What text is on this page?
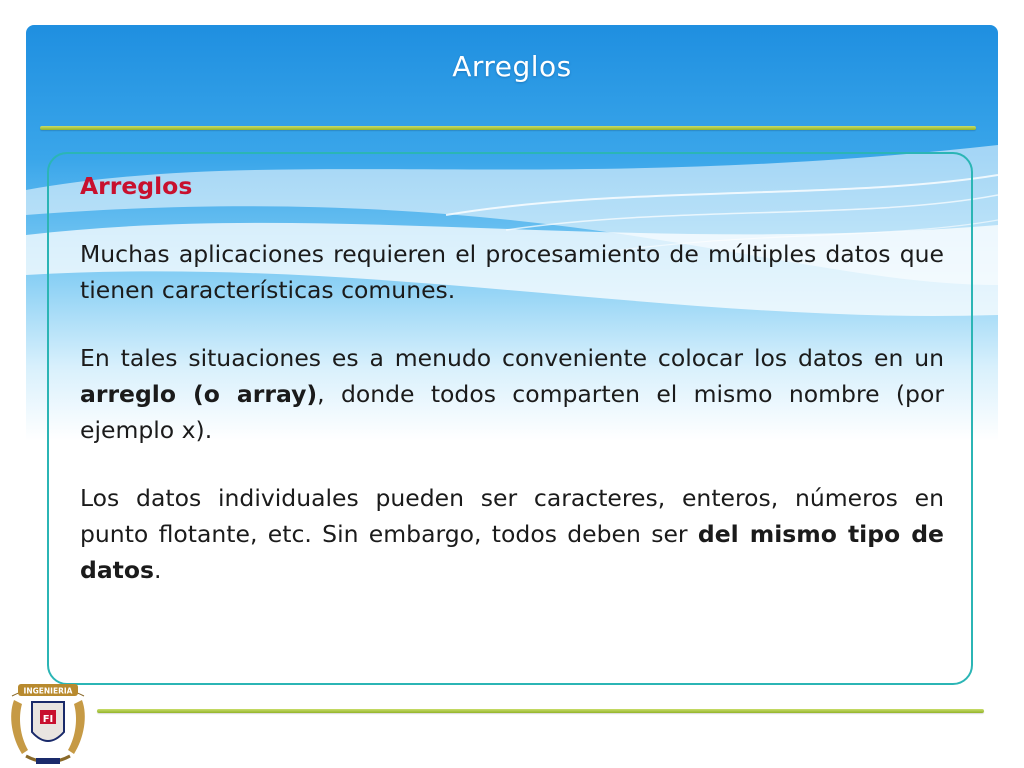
Arreglos
Arreglos

Muchas aplicaciones requieren el procesamiento de múltiples datos que tienen características comunes.

En tales situaciones es a menudo conveniente colocar los datos en un arreglo (o array), donde todos comparten el mismo nombre (por ejemplo x).

Los datos individuales pueden ser caracteres, enteros, números en punto flotante, etc. Sin embargo, todos deben ser del mismo tipo de datos.

INGENIERIA
FI
